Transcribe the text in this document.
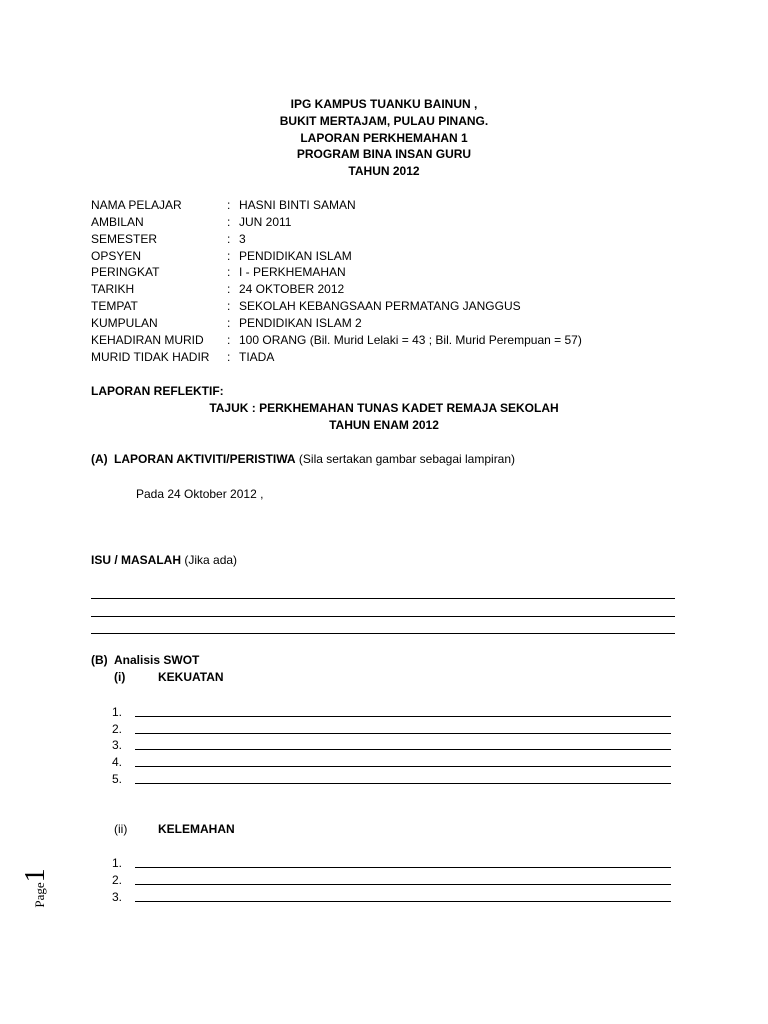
IPG KAMPUS TUANKU BAINUN ,
BUKIT MERTAJAM, PULAU PINANG.
LAPORAN PERKHEMAHAN 1
PROGRAM BINA INSAN GURU
TAHUN 2012
NAMA PELAJAR	: HASNI BINTI SAMAN
AMBILAN	: JUN 2011
SEMESTER	: 3
OPSYEN	: PENDIDIKAN ISLAM
PERINGKAT	: I - PERKHEMAHAN
TARIKH	: 24 OKTOBER 2012
TEMPAT	: SEKOLAH KEBANGSAAN PERMATANG JANGGUS
KUMPULAN	: PENDIDIKAN ISLAM 2
KEHADIRAN MURID : 100 ORANG (Bil. Murid Lelaki = 43 ; Bil. Murid Perempuan = 57)
MURID TIDAK HADIR : TIADA
LAPORAN REFLEKTIF:
TAJUK : PERKHEMAHAN TUNAS KADET REMAJA SEKOLAH
TAHUN ENAM 2012
(A) LAPORAN AKTIVITI/PERISTIWA (Sila sertakan gambar sebagai lampiran)
Pada 24 Oktober 2012 ,
ISU / MASALAH (Jika ada)
(B) Analisis SWOT
(i)	KEKUATAN
1.
2.
3.
4.
5.
(ii)	KELEMAHAN
1.
2.
3.
Page
1
